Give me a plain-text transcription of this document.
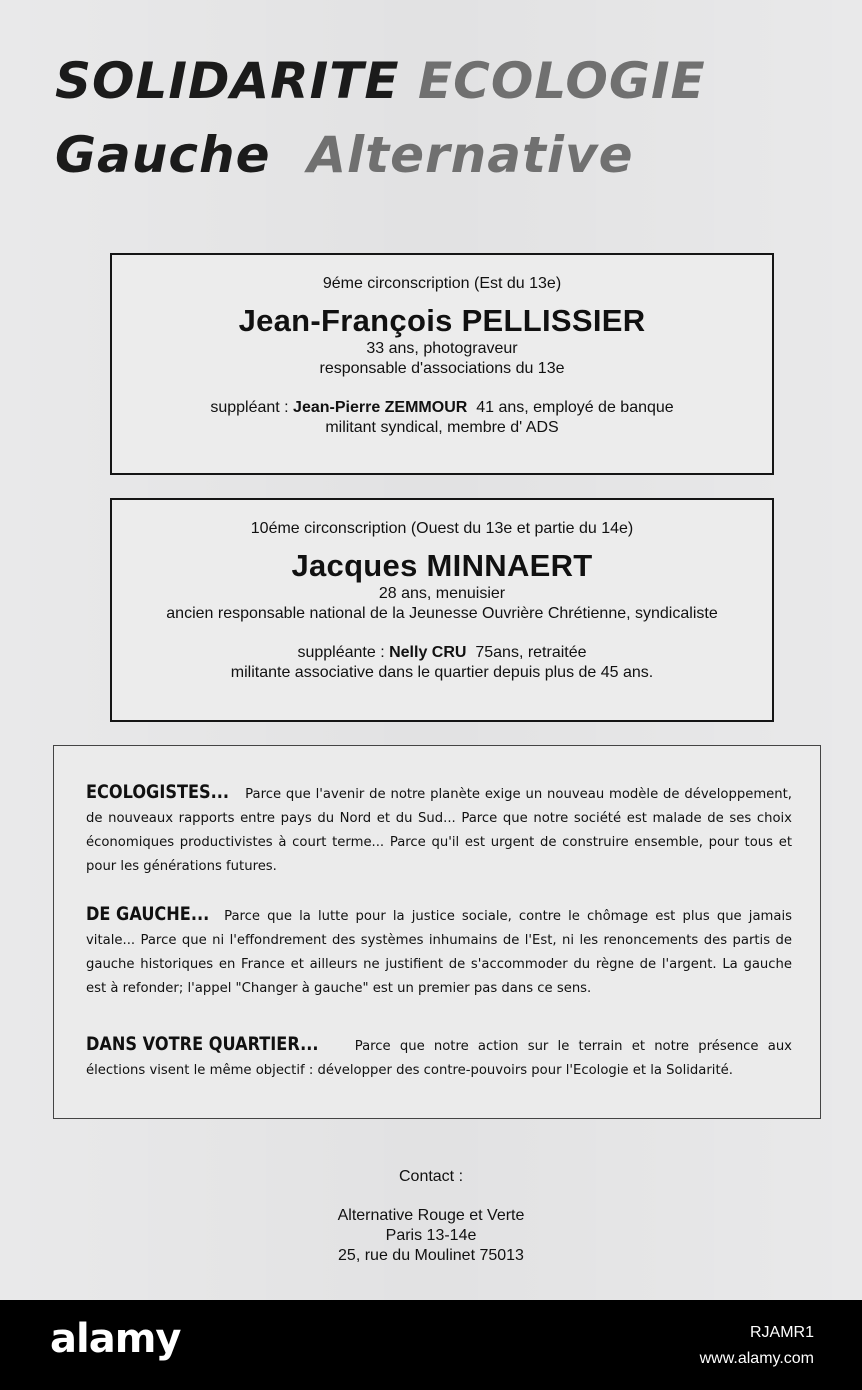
SOLIDARITE ECOLOGIE
Gauche Alternative
9éme circonscription (Est du 13e)
Jean-François PELLISSIER
33 ans, photograveur
responsable d'associations du 13e
suppléant : Jean-Pierre ZEMMOUR 41 ans, employé de banque
militant syndical, membre d' ADS
10éme circonscription (Ouest du 13e et partie du 14e)
Jacques MINNAERT
28 ans, menuisier
ancien responsable national de la Jeunesse Ouvrière Chrétienne, syndicaliste
suppléante : Nelly CRU 75ans, retraitée
militante associative dans le quartier depuis plus de 45 ans.
ECOLOGISTES... Parce que l'avenir de notre planète exige un nouveau modèle de développement, de nouveaux rapports entre pays du Nord et du Sud... Parce que notre société est malade de ses choix économiques productivistes à court terme... Parce qu'il est urgent de construire ensemble, pour tous et pour les générations futures.
DE GAUCHE... Parce que la lutte pour la justice sociale, contre le chômage est plus que jamais vitale... Parce que ni l'effondrement des systèmes inhumains de l'Est, ni les renoncements des partis de gauche historiques en France et ailleurs ne justifient de s'accommoder du règne de l'argent. La gauche est à refonder; l'appel "Changer à gauche" est un premier pas dans ce sens.
DANS VOTRE QUARTIER...	Parce que notre action sur le terrain et notre présence aux élections visent le même objectif : développer des contre-pouvoirs pour l'Ecologie et la Solidarité.
Contact :
Alternative Rouge et Verte
Paris 13-14e
25, rue du Moulinet 75013
alamy	RJAMR1
www.alamy.com
